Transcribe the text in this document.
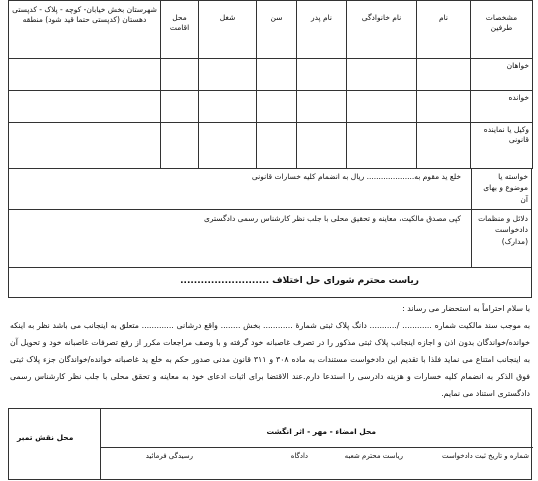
مشخصات طرفین	نام	نام خانوادگی	نام پدر	سن	شغل	محل اقامت	شهرستان بخش خیابان- کوچه - پلاک - کدپستی دهستان (کدپستی حتما قید شود) منطقه
خواهان							
خوانده							
وکیل یا نماینده قانونی							
خواسته یا موضوع و بهای آن
خلع ید مقوم به.................... ریال به انضمام کلیه خسارات قانونی
دلائل و منظمات دادخواست (مدارک)
کپی مصدق مالکیت، معاینه و تحقیق محلی با جلب نظر کارشناس رسمی دادگستری
ریاست محترم شورای حل اختلاف ..........................
با سلام احتراماً به استحضار می رساند :
به موجب سند مالکیت شماره ............ /........... دانگ پلاک ثبتی شمارهٔ ............ بخش ........ واقع درشانی ............. متعلق به اینجانب می باشد نظر به اینکه خوانده/خواندگان بدون اذن و اجازه اینجانب پلاک ثبتی مذکور را در تصرف غاصبانه خود گرفته و با وصف مراجعات مکرر از رفع تصرفات غاصبانه خود و تحویل آن به اینجانب امتناع می نماید فلذا با تقدیم این دادخواست مستندات به ماده ۳۰۸ و ۳۱۱ قانون مدنی صدور حکم به خلع ید غاصبانه خوانده/خواندگان جزء پلاک ثبتی فوق الذکر به انضمام کلیه خسارات و هزینه دادرسی را استدعا دارم.عند الاقتضا برای اثبات ادعای خود به معاینه و تحقق محلی با جلب نظر کارشناس رسمی دادگستری استناد می نمایم.
محل نقش تمبر
محل امضاء - مهر - اثر انگشت
شماره و تاریخ ثبت دادخواست
ریاست محترم شعبه
دادگاه
رسیدگی فرمائید
